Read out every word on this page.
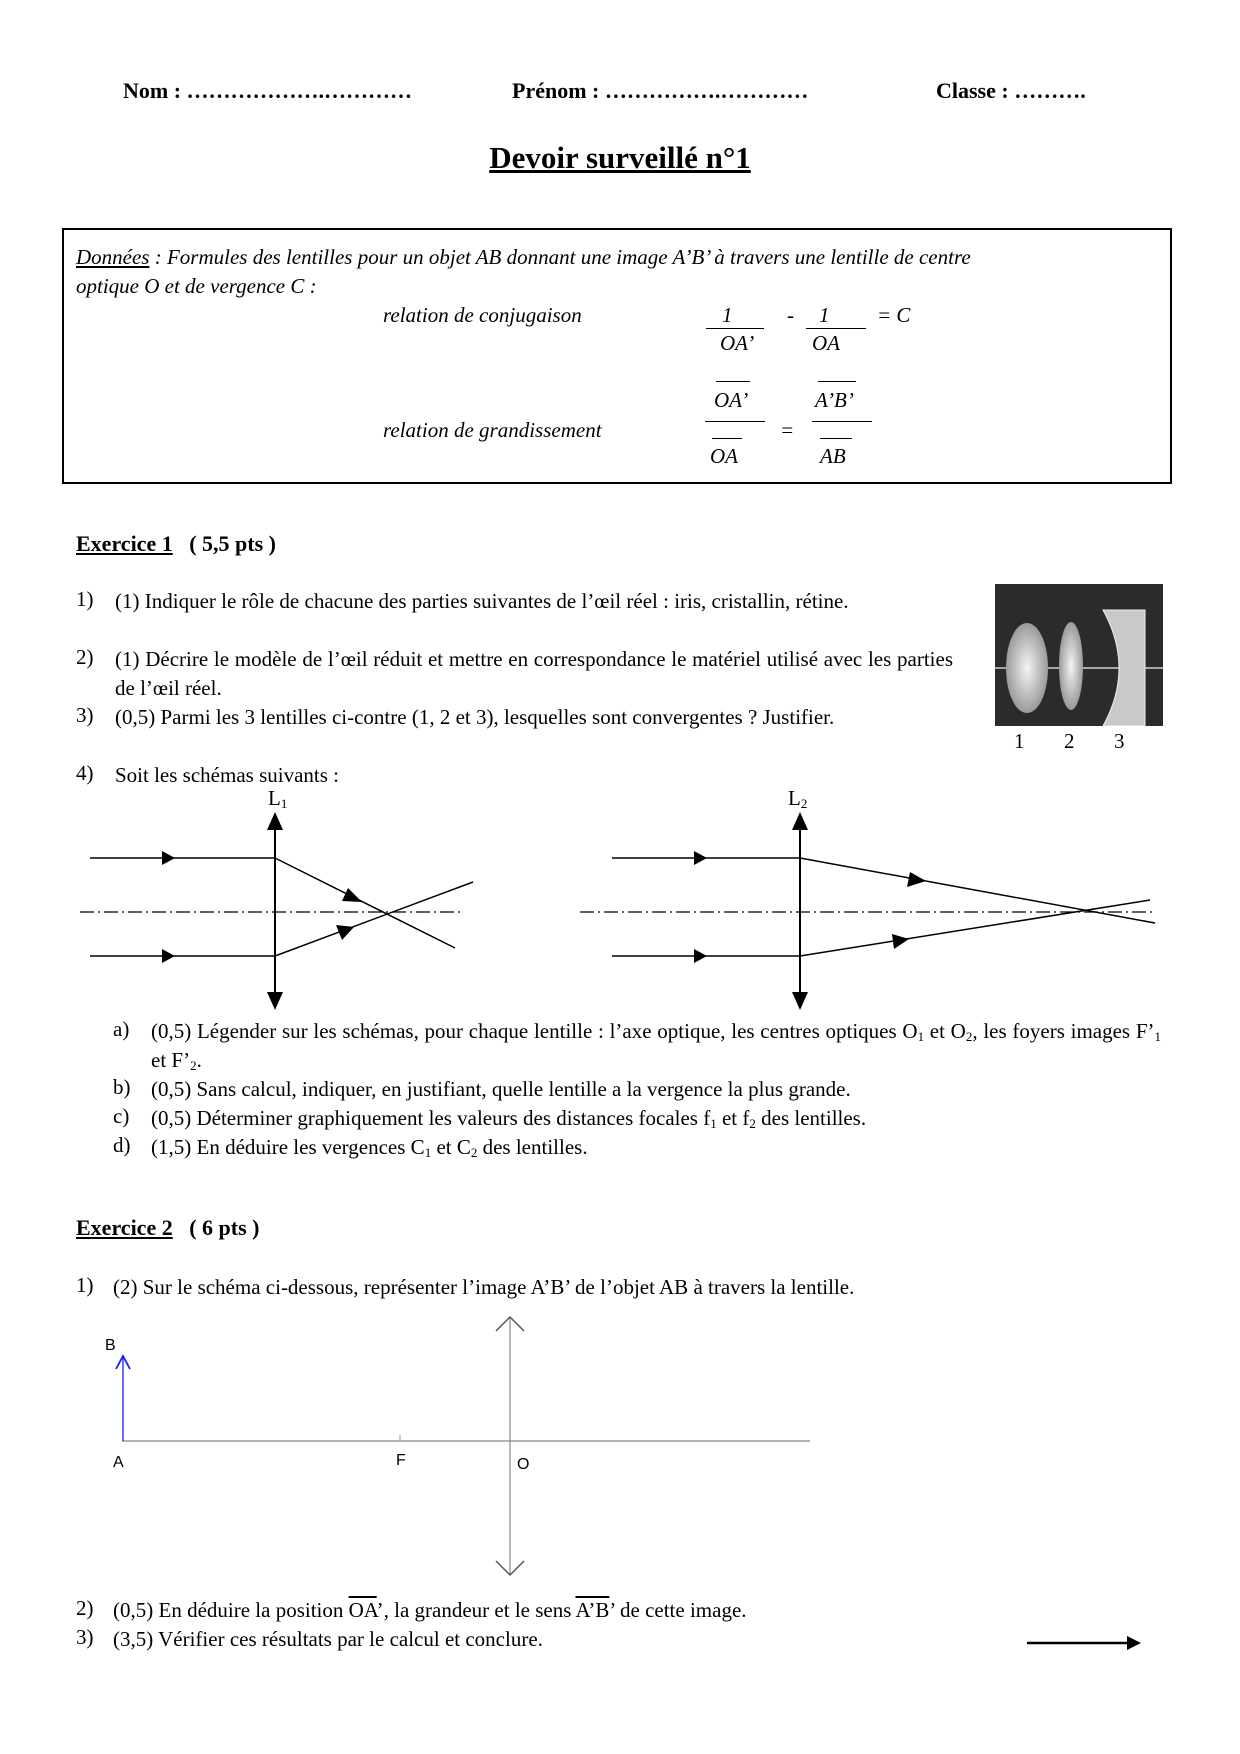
Nom : ……………….…………	Prénom : …………….…………	Classe : ……….
Devoir surveillé n°1
Données : Formules des lentilles pour un objet AB donnant une image A’B’ à travers une lentille de centre
optique O et de vergence C :
relation de conjugaison	1
OA’
- 1
OA
= C
relation de grandissement
OA’
OA
=
A’B’
AB
Exercice 1 ( 5,5 pts )
1) (1) Indiquer le rôle de chacune des parties suivantes de l’œil réel : iris, cristallin, rétine.
2) (1) Décrire le modèle de l’œil réduit et mettre en correspondance le matériel utilisé avec les parties de l’œil réel.
3) (0,5) Parmi les 3 lentilles ci-contre (1, 2 et 3), lesquelles sont convergentes ? Justifier.
4) Soit les schémas suivants :
1 2 3
$L_1$	$L_2$
a) (0,5) Légender sur les schémas, pour chaque lentille : l’axe optique, les centres optiques $O_1$ et $O_2$, les foyers images $F’_1$ et $F’_2$.
b) (0,5) Sans calcul, indiquer, en justifiant, quelle lentille a la vergence la plus grande.
c) (0,5) Déterminer graphiquement les valeurs des distances focales $f_1$ et $f_2$ des lentilles.
d) (1,5) En déduire les vergences $C_1$ et $C_2$ des lentilles.
Exercice 2 ( 6 pts )
1) (2) Sur le schéma ci-dessous, représenter l’image A’B’ de l’objet AB à travers la lentille.
B
A	F	O
2) (0,5) En déduire la position $\overline{OA}$’, la grandeur et le sens A’B’ de cette image.
3) (3,5) Vérifier ces résultats par le calcul et conclure.
